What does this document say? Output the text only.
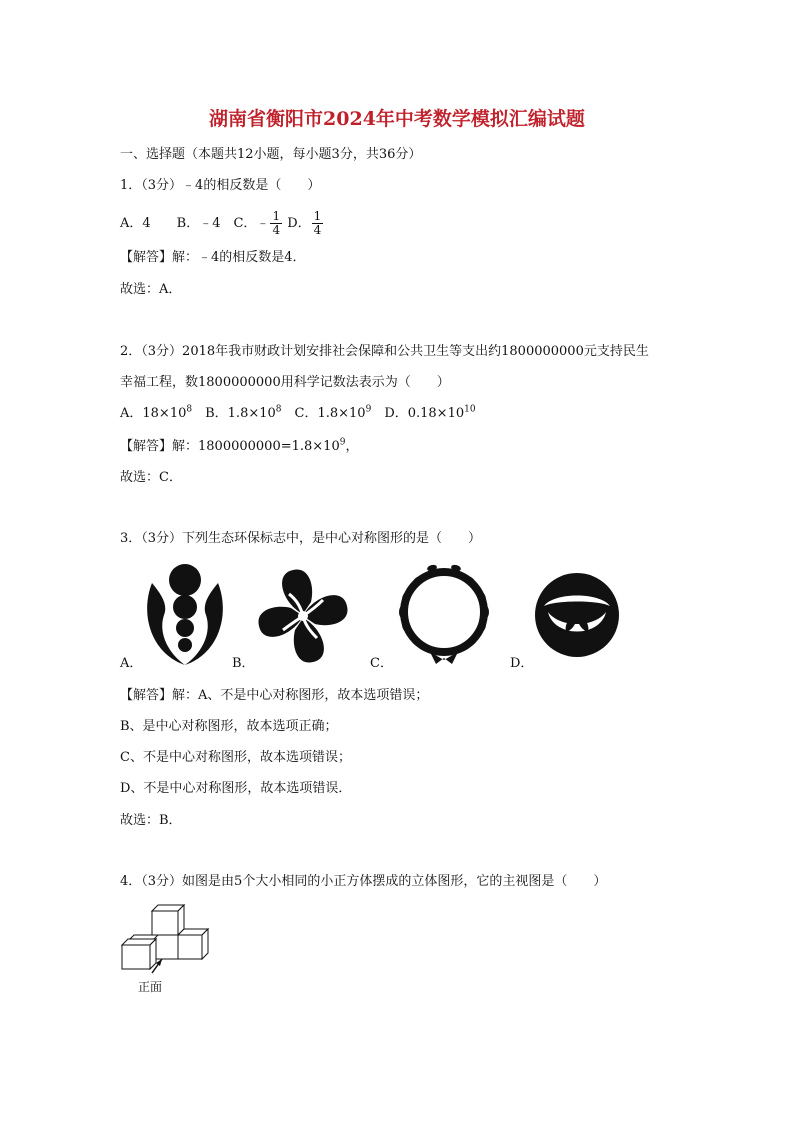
湖南省衡阳市2024年中考数学模拟汇编试题
一、选择题（本题共12小题，每小题3分，共36分）
1．（3分）﹣4的相反数是（　　）
A．4　　B．﹣4　C．﹣ $\frac{1}{4}$ D． $\frac{1}{4}$
【解答】解：﹣4的相反数是4．
故选：A．
2．（3分）2018年我市财政计划安排社会保障和公共卫生等支出约1800000000元支持民生
幸福工程，数1800000000用科学记数法表示为（　　）
A．$18\times 10^8$　B．$1.8\times 10^8$　C．$1.8\times 10^9$　D．$0.18\times 10^{10}$
【解答】解：$1800000000=1.8\times 10^9$，
故选：C．
3．（3分）下列生态环保标志中，是中心对称图形的是（　　）
A．	B．	C．	D．
【解答】解：A、不是中心对称图形，故本选项错误；
B、是中心对称图形，故本选项正确；
C、不是中心对称图形，故本选项错误；
D、不是中心对称图形，故本选项错误．
故选：B．
4．（3分）如图是由5个大小相同的小正方体摆成的立体图形，它的主视图是（　　）
正面
